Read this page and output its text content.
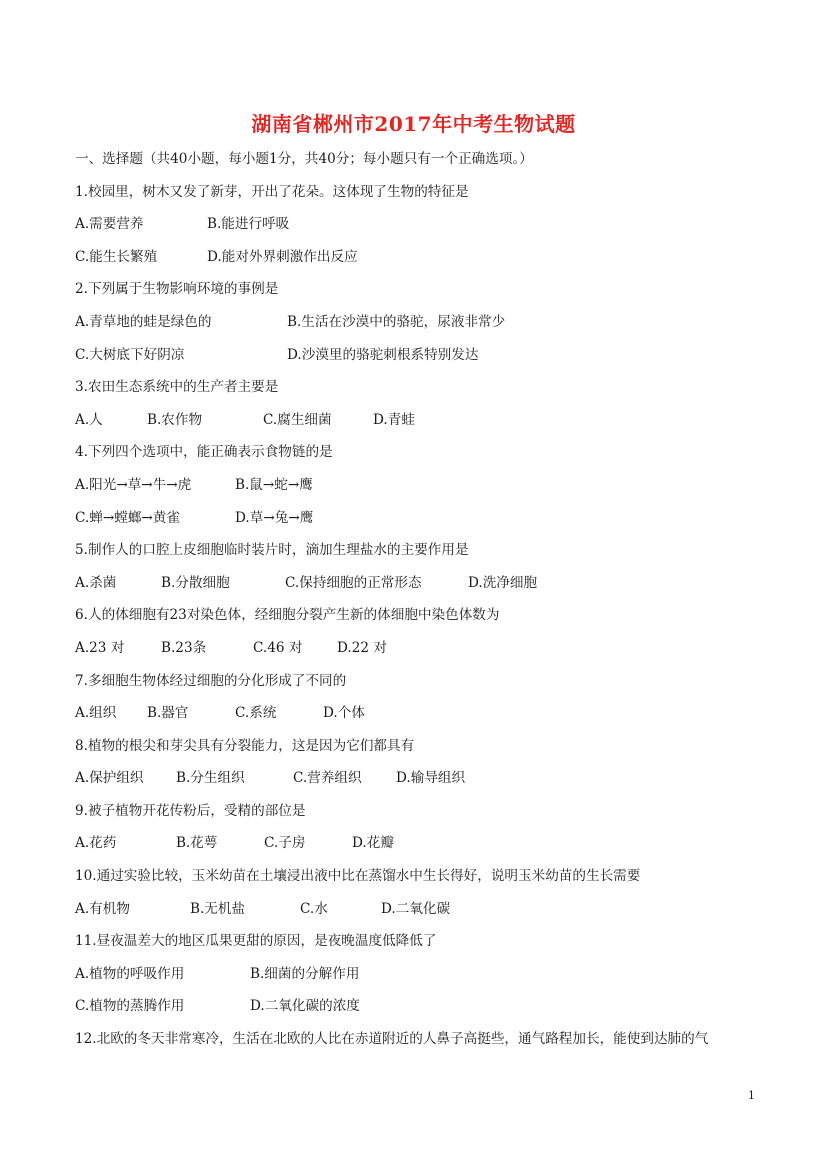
湖南省郴州市2017年中考生物试题
一、选择题（共40小题，每小题1分，共40分；每小题只有一个正确选项。）
1.校园里，树木又发了新芽，开出了花朵。这体现了生物的特征是
A.需要营养	B.能进行呼吸
C.能生长繁殖	D.能对外界刺激作出反应
2.下列属于生物影响环境的事例是
A.青草地的蛙是绿色的	B.生活在沙漠中的骆驼，尿液非常少
C.大树底下好阴凉	D.沙漠里的骆驼刺根系特别发达
3.农田生态系统中的生产者主要是
A.人	B.农作物	C.腐生细菌	D.青蛙
4.下列四个选项中，能正确表示食物链的是
A.阳光→草→牛→虎	B.鼠→蛇→鹰
C.蝉→螳螂→黄雀	D.草→兔→鹰
5.制作人的口腔上皮细胞临时装片时，滴加生理盐水的主要作用是
A.杀菌	B.分散细胞	C.保持细胞的正常形态	D.洗净细胞
6.人的体细胞有23对染色体，经细胞分裂产生新的体细胞中染色体数为
A.23 对	B.23条	C.46 对	D.22 对
7.多细胞生物体经过细胞的分化形成了不同的
A.组织	B.器官	C.系统	D.个体
8.植物的根尖和芽尖具有分裂能力，这是因为它们都具有
A.保护组织	B.分生组织	C.营养组织	D.输导组织
9.被子植物开花传粉后，受精的部位是
A.花药	B.花萼	C.子房	D.花瓣
10.通过实验比较，玉米幼苗在土壤浸出液中比在蒸馏水中生长得好，说明玉米幼苗的生长需要
A.有机物	B.无机盐	C.水	D.二氧化碳
11.昼夜温差大的地区瓜果更甜的原因，是夜晚温度低降低了
A.植物的呼吸作用	B.细菌的分解作用
C.植物的蒸腾作用	D.二氧化碳的浓度
12.北欧的冬天非常寒冷，生活在北欧的人比在赤道附近的人鼻子高挺些，通气路程加长，能使到达肺的气
1
